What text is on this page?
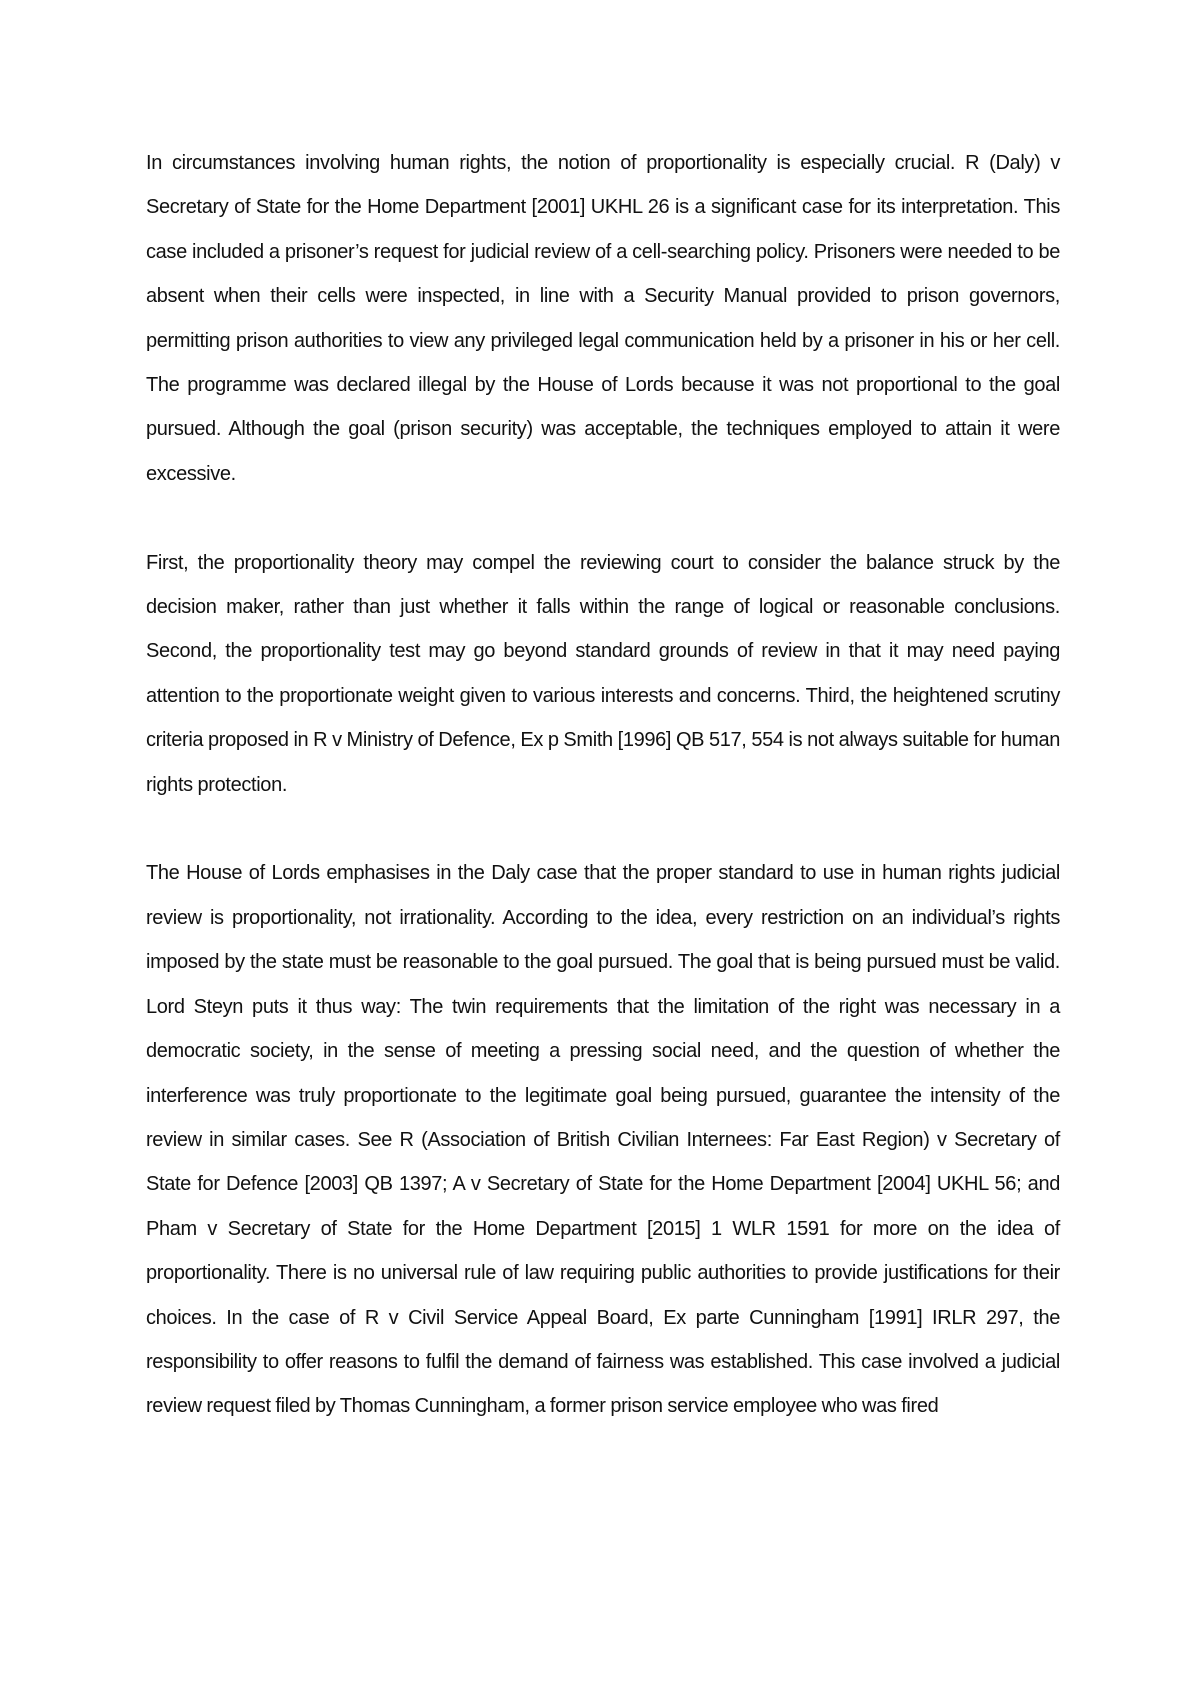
In circumstances involving human rights, the notion of proportionality is especially crucial. R (Daly) v Secretary of State for the Home Department [2001] UKHL 26 is a significant case for its interpretation. This case included a prisoner’s request for judicial review of a cell-searching policy. Prisoners were needed to be absent when their cells were inspected, in line with a Security Manual provided to prison governors, permitting prison authorities to view any privileged legal communication held by a prisoner in his or her cell. The programme was declared illegal by the House of Lords because it was not proportional to the goal pursued. Although the goal (prison security) was acceptable, the techniques employed to attain it were excessive.

First, the proportionality theory may compel the reviewing court to consider the balance struck by the decision maker, rather than just whether it falls within the range of logical or reasonable conclusions. Second, the proportionality test may go beyond standard grounds of review in that it may need paying attention to the proportionate weight given to various interests and concerns. Third, the heightened scrutiny criteria proposed in R v Ministry of Defence, Ex p Smith [1996] QB 517, 554 is not always suitable for human rights protection.

The House of Lords emphasises in the Daly case that the proper standard to use in human rights judicial review is proportionality, not irrationality. According to the idea, every restriction on an individual’s rights imposed by the state must be reasonable to the goal pursued. The goal that is being pursued must be valid. Lord Steyn puts it thus way: The twin requirements that the limitation of the right was necessary in a democratic society, in the sense of meeting a pressing social need, and the question of whether the interference was truly proportionate to the legitimate goal being pursued, guarantee the intensity of the review in similar cases. See R (Association of British Civilian Internees: Far East Region) v Secretary of State for Defence [2003] QB 1397; A v Secretary of State for the Home Department [2004] UKHL 56; and Pham v Secretary of State for the Home Department [2015] 1 WLR 1591 for more on the idea of proportionality. There is no universal rule of law requiring public authorities to provide justifications for their choices. In the case of R v Civil Service Appeal Board, Ex parte Cunningham [1991] IRLR 297, the responsibility to offer reasons to fulfil the demand of fairness was established. This case involved a judicial review request filed by Thomas Cunningham, a former prison service employee who was fired
